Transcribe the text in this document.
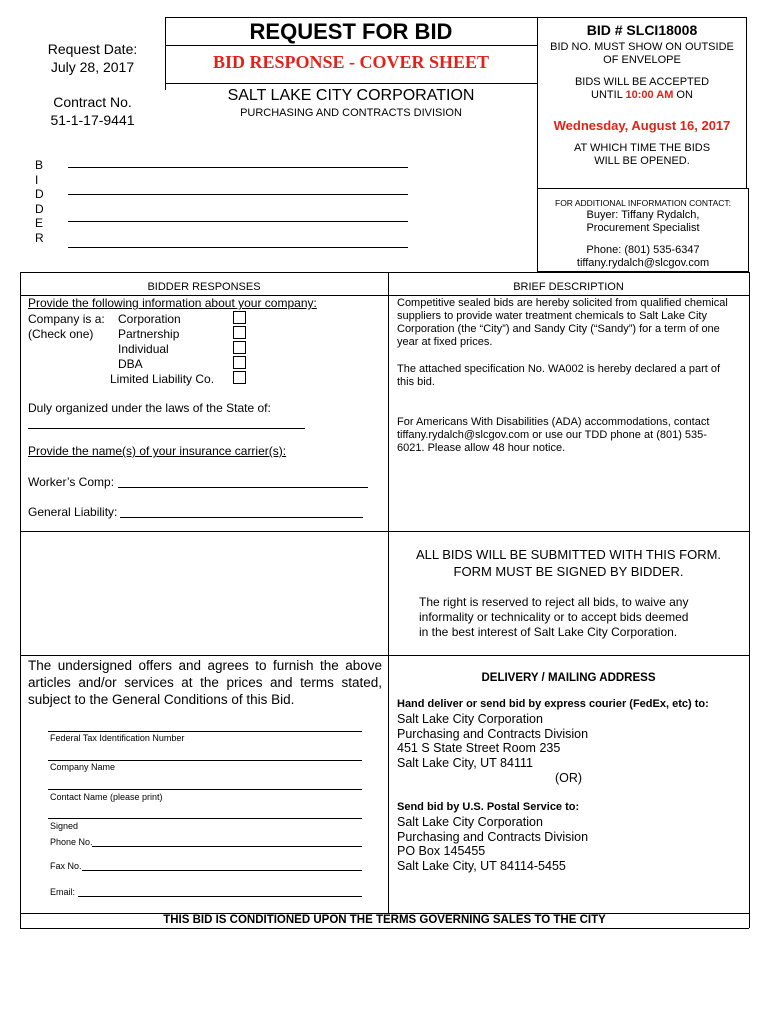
Request Date:
July 28, 2017
Contract No.
51-1-17-9441
B
I
D
D
E
R
REQUEST FOR BID
BID RESPONSE - COVER SHEET
SALT LAKE CITY CORPORATION
PURCHASING AND CONTRACTS DIVISION
BID # SLCI18008
BID NO. MUST SHOW ON OUTSIDE
OF ENVELOPE
BIDS WILL BE ACCEPTED
UNTIL 10:00 AM ON
Wednesday, August 16, 2017
AT WHICH TIME THE BIDS
WILL BE OPENED.
FOR ADDITIONAL INFORMATION CONTACT:
Buyer: Tiffany Rydalch,
Procurement Specialist
Phone: (801) 535-6347
tiffany.rydalch@slcgov.com
BIDDER RESPONSES
Provide the following information about your company:
Company is a:
(Check one)
Corporation
Partnership
Individual
DBA
Limited Liability Co.
Duly organized under the laws of the State of:
Provide the name(s) of your insurance carrier(s):
Worker’s Comp:
General Liability:
BRIEF DESCRIPTION
Competitive sealed bids are hereby solicited from qualified chemical
suppliers to provide water treatment chemicals to Salt Lake City
Corporation (the “City”) and Sandy City (“Sandy”) for a term of one
year at fixed prices.
The attached specification No. WA002 is hereby declared a part of
this bid.
For Americans With Disabilities (ADA) accommodations, contact
tiffany.rydalch@slcgov.com or use our TDD phone at (801) 535-
6021. Please allow 48 hour notice.
ALL BIDS WILL BE SUBMITTED WITH THIS FORM.
FORM MUST BE SIGNED BY BIDDER.
The right is reserved to reject all bids, to waive any
informality or technicality or to accept bids deemed
in the best interest of Salt Lake City Corporation.
The undersigned offers and agrees to furnish the above
articles and/or services at the prices and terms stated,
subject to the General Conditions of this Bid.
Federal Tax Identification Number
Company Name
Contact Name (please print)
Signed
Phone No.
Fax No.
Email:
DELIVERY / MAILING ADDRESS
Hand deliver or send bid by express courier (FedEx, etc) to:
Salt Lake City Corporation
Purchasing and Contracts Division
451 S State Street Room 235
Salt Lake City, UT 84111
(OR)
Send bid by U.S. Postal Service to:
Salt Lake City Corporation
Purchasing and Contracts Division
PO Box 145455
Salt Lake City, UT 84114-5455
THIS BID IS CONDITIONED UPON THE TERMS GOVERNING SALES TO THE CITY
